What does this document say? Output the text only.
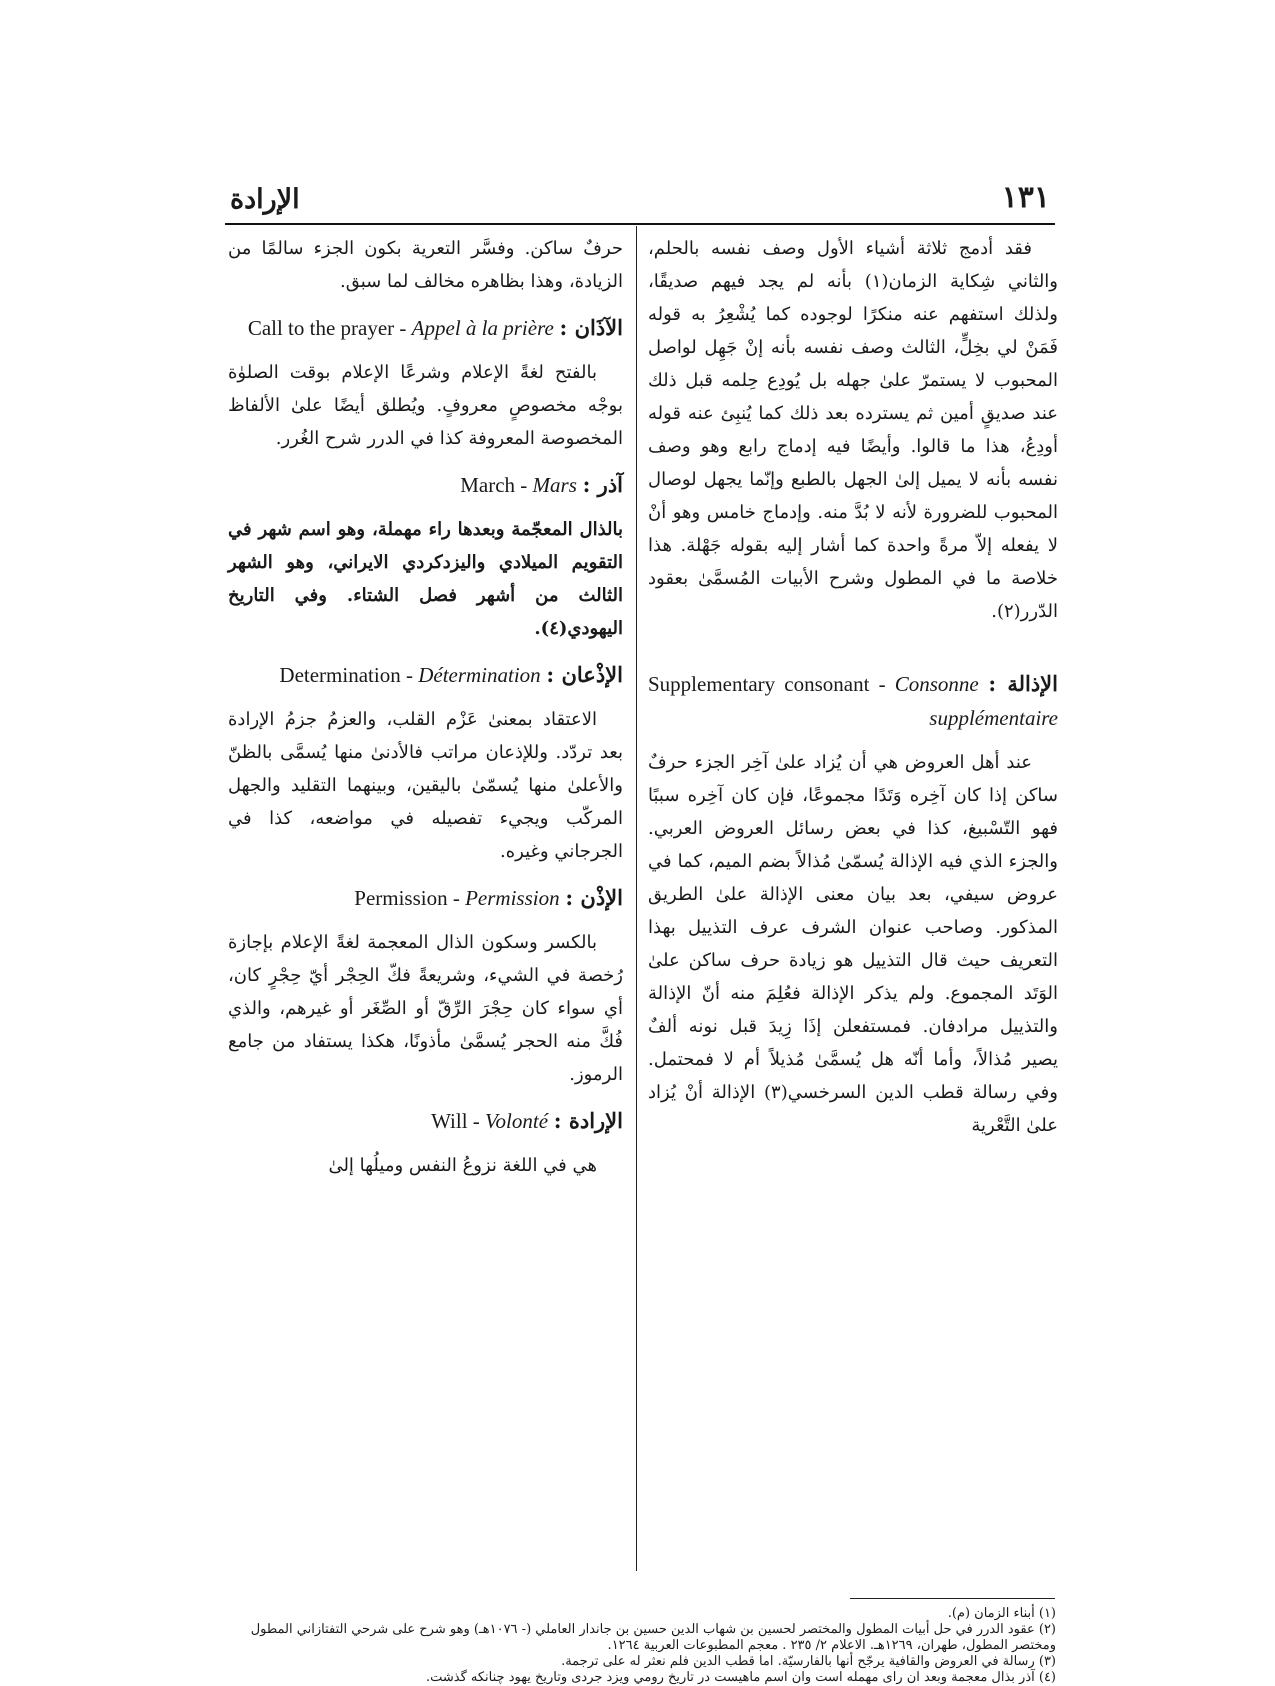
١٣١
الإرادة

فقد أدمج ثلاثة أشياء الأول وصف نفسه بالحلم، والثاني شِكاية الزمان(١) بأنه لم يجد فيهم صديقًا، ولذلك استفهم عنه منكرًا لوجوده كما يُشْعِرُ به قوله فَمَنْ لي بخِلٍّ، الثالث وصف نفسه بأنه إنْ جَهِل لواصل المحبوب لا يستمرّ علىٰ جهله بل يُودِع حِلمه قبل ذلك عند صديقٍ أمين ثم يسترده بعد ذلك كما يُنبِئ عنه قوله أودِعُ، هذا ما قالوا. وأيضًا فيه إدماج رابع وهو وصف نفسه بأنه لا يميل إلىٰ الجهل بالطبع وإنّما يجهل لوصال المحبوب للضرورة لأنه لا بُدَّ منه. وإدماج خامس وهو أنْ لا يفعله إلاّ مرةً واحدة كما أشار إليه بقوله جَهْلة. هذا خلاصة ما في المطول وشرح الأبيات المُسمَّىٰ بعقود الدّرر(٢).

الإذالة : Supplementary consonant - Consonne supplémentaire

عند أهل العروض هي أن يُزاد علىٰ آخِر الجزء حرفٌ ساكن إذا كان آخِره وَتَدًا مجموعًا، فإن كان آخِره سببًا فهو التّسْبيغ، كذا في بعض رسائل العروض العربي. والجزء الذي فيه الإذالة يُسمّىٰ مُذالاً بضم الميم، كما في عروض سيفي، بعد بيان معنى الإذالة علىٰ الطريق المذكور. وصاحب عنوان الشرف عرف التذييل بهذا التعريف حيث قال التذييل هو زيادة حرف ساكن علىٰ الوَتَد المجموع. ولم يذكر الإذالة فعُلِمَ منه أنّ الإذالة والتذييل مرادفان. فمستفعلن إذَا زِيدَ قبل نونه ألفٌ يصير مُذالاً، وأما أنّه هل يُسمَّىٰ مُذيلاً أم لا فمحتمل. وفي رسالة قطب الدين السرخسي(٣) الإذالة أنْ يُزاد علىٰ التَّعْرية

حرفٌ ساكن. وفسَّر التعرية بكون الجزء سالمًا من الزيادة، وهذا بظاهره مخالف لما سبق.

الآذَان : Call to the prayer - Appel à la prière

بالفتح لغةً الإعلام وشرعًا الإعلام بوقت الصلوٰة بوجْه مخصوصٍ معروفٍ. ويُطلق أيضًا علىٰ الألفاظ المخصوصة المعروفة كذا في الدرر شرح الغُرر.

آذر : March - Mars

بالذال المعجّمة وبعدها راء مهملة، وهو اسم شهر في التقويم الميلادي واليزدكردي الايراني، وهو الشهر الثالث من أشهر فصل الشتاء. وفي التاريخ اليهودي(٤).

الإذْعان : Determination - Détermination

الاعتقاد بمعنىٰ عَزْم القلب، والعزمُ جزمُ الإرادة بعد تردّد. وللإذعان مراتب فالأدنىٰ منها يُسمَّى بالظنّ والأعلىٰ منها يُسمّىٰ باليقين، وبينهما التقليد والجهل المركّب ويجيء تفصيله في مواضعه، كذا في الجرجاني وغيره.

الإذْن : Permission - Permission

بالكسر وسكون الذال المعجمة لغةً الإعلام بإجازة رُخصة في الشيء، وشريعةً فكّ الحِجْر أيّ حِجْرٍ كان، أي سواء كان حِجْرَ الرِّقّ أو الصِّغَر أو غيرهم، والذي فُكَّ منه الحجر يُسمَّىٰ مأذونًا، هكذا يستفاد من جامع الرموز.

الإرادة : Will - Volonté

هي في اللغة نزوعُ النفس وميلُها إلىٰ

(١) أبناء الزمان (م).

(٢) عقود الدرر في حل أبيات المطول والمختصر لحسين بن شهاب الدين حسين بن جاندار العاملي (- ١٠٧٦هـ) وهو شرح على شرحي التفتازاني المطول ومختصر المطول، طهران، ١٢٦٩هـ. الاعلام ٢/ ٢٣٥ . معجم المطبوعات العربية ١٢٦٤.

(٣) رسالة في العروض والقافية يرجّح أنها بالفارسيّة. اما قطب الدين فلم نعثر له على ترجمة.

(٤) آذر بذال معجمة وبعد ان راى مهمله است وان اسم ماهيست در تاريخ رومي ويزد جردى وتاريخ يهود چنانكه گذشت.
